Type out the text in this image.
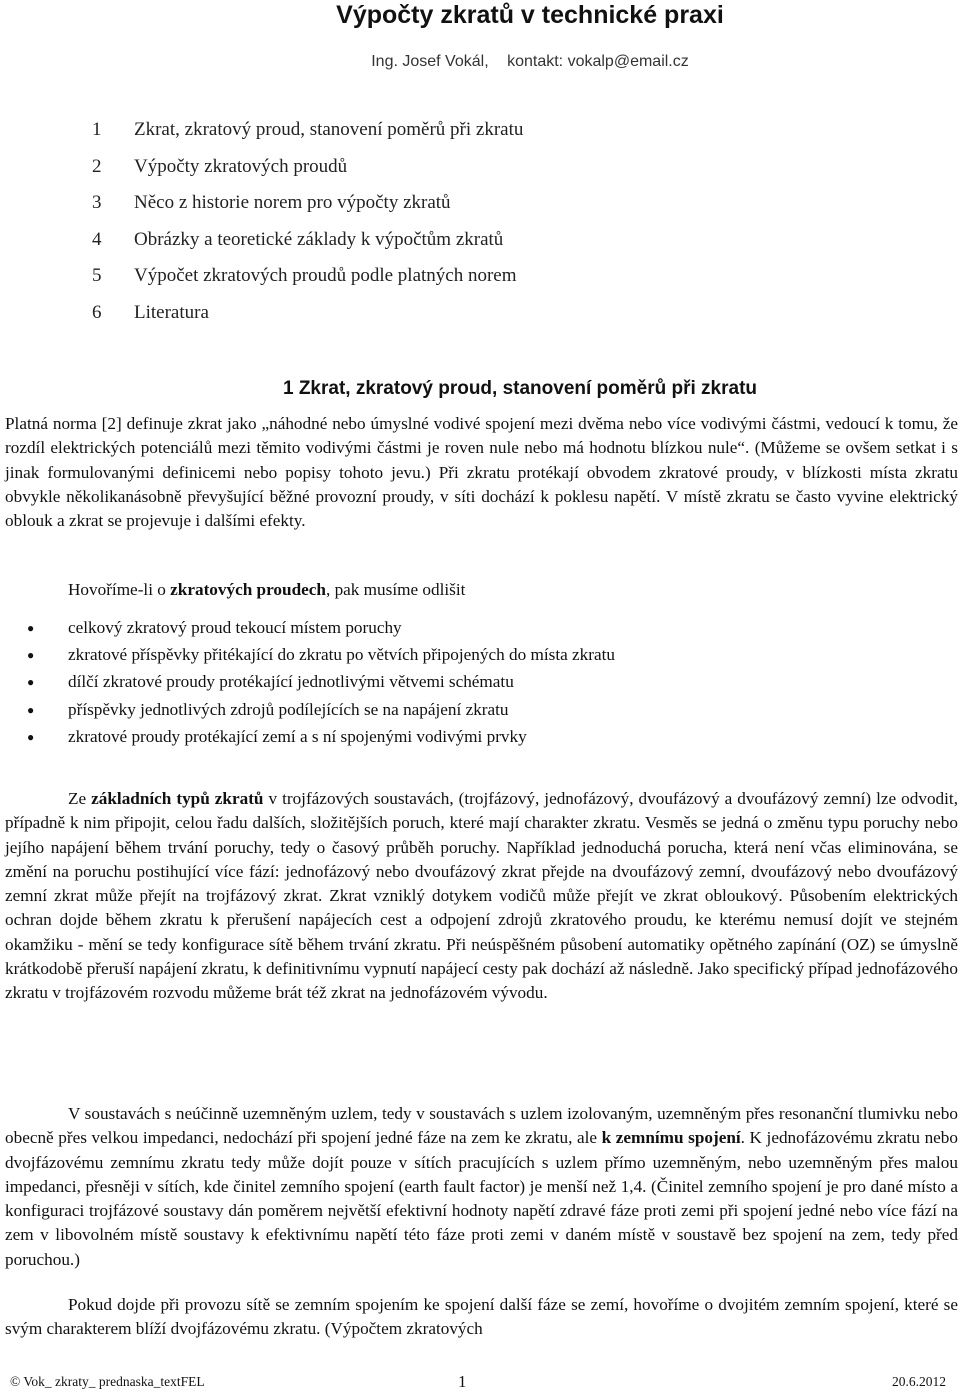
Výpočty zkratů v technické praxi
Ing. Josef Vokál, kontakt: vokalp@email.cz
1	Zkrat, zkratový proud, stanovení poměrů při zkratu
2	Výpočty zkratových proudů
3	Něco z historie norem pro výpočty zkratů
4	Obrázky a teoretické základy k výpočtům zkratů
5	Výpočet zkratových proudů podle platných norem
6	Literatura
1 Zkrat, zkratový proud, stanovení poměrů při zkratu

Platná norma [2] definuje zkrat jako „náhodné nebo úmyslné vodivé spojení mezi dvěma nebo více vodivými částmi, vedoucí k tomu, že rozdíl elektrických potenciálů mezi těmito vodivými částmi je roven nule nebo má hodnotu blízkou nule“. (Můžeme se ovšem setkat i s jinak formulovanými definicemi nebo popisy tohoto jevu.) Při zkratu protékají obvodem zkratové proudy, v blízkosti místa zkratu obvykle několikanásobně převyšující běžné provozní proudy, v síti dochází k poklesu napětí. V místě zkratu se často vyvine elektrický oblouk a zkrat se projevuje i dalšími efekty.

Hovoříme-li o zkratových proudech, pak musíme odlišit

●	celkový zkratový proud tekoucí místem poruchy
●	zkratové příspěvky přitékající do zkratu po větvích připojených do místa zkratu
●	dílčí zkratové proudy protékající jednotlivými větvemi schématu
●	příspěvky jednotlivých zdrojů podílejících se na napájení zkratu
●	zkratové proudy protékající zemí a s ní spojenými vodivými prvky

Ze základních typů zkratů v trojfázových soustavách, (trojfázový, jednofázový, dvoufázový a dvoufázový zemní) lze odvodit, případně k nim připojit, celou řadu dalších, složitějších poruch, které mají charakter zkratu. Vesměs se jedná o změnu typu poruchy nebo jejího napájení během trvání poruchy, tedy o časový průběh poruchy. Například jednoduchá porucha, která není včas eliminována, se změní na poruchu postihující více fází: jednofázový nebo dvoufázový zkrat přejde na dvoufázový zemní, dvoufázový nebo dvoufázový zemní zkrat může přejít na trojfázový zkrat. Zkrat vzniklý dotykem vodičů může přejít ve zkrat obloukový. Působením elektrických ochran dojde během zkratu k přerušení napájecích cest a odpojení zdrojů zkratového proudu, ke kterému nemusí dojít ve stejném okamžiku - mění se tedy konfigurace sítě během trvání zkratu. Při neúspěšném působení automatiky opětného zapínání (OZ) se úmyslně krátkodobě přeruší napájení zkratu, k definitivnímu vypnutí napájecí cesty pak dochází až následně. Jako specifický případ jednofázového zkratu v trojfázovém rozvodu můžeme brát též zkrat na jednofázovém vývodu.

V soustavách s neúčinně uzemněným uzlem, tedy v soustavách s uzlem izolovaným, uzemněným přes resonanční tlumivku nebo obecně přes velkou impedanci, nedochází při spojení jedné fáze na zem ke zkratu, ale k zemnímu spojení. K jednofázovému zkratu nebo dvojfázovému zemnímu zkratu tedy může dojít pouze v sítích pracujících s uzlem přímo uzemněným, nebo uzemněným přes malou impedanci, přesněji v sítích, kde činitel zemního spojení (earth fault factor) je menší než 1,4. (Činitel zemního spojení je pro dané místo a konfiguraci trojfázové soustavy dán poměrem největší efektivní hodnoty napětí zdravé fáze proti zemi při spojení jedné nebo více fází na zem v libovolném místě soustavy k efektivnímu napětí této fáze proti zemi v daném místě v soustavě bez spojení na zem, tedy před poruchou.)

Pokud dojde při provozu sítě se zemním spojením ke spojení další fáze se zemí, hovoříme o dvojitém zemním spojení, které se svým charakterem blíží dvojfázovému zkratu. (Výpočtem zkratových

© Vok_ zkraty_ prednaska_textFEL	1	20.6.2012
